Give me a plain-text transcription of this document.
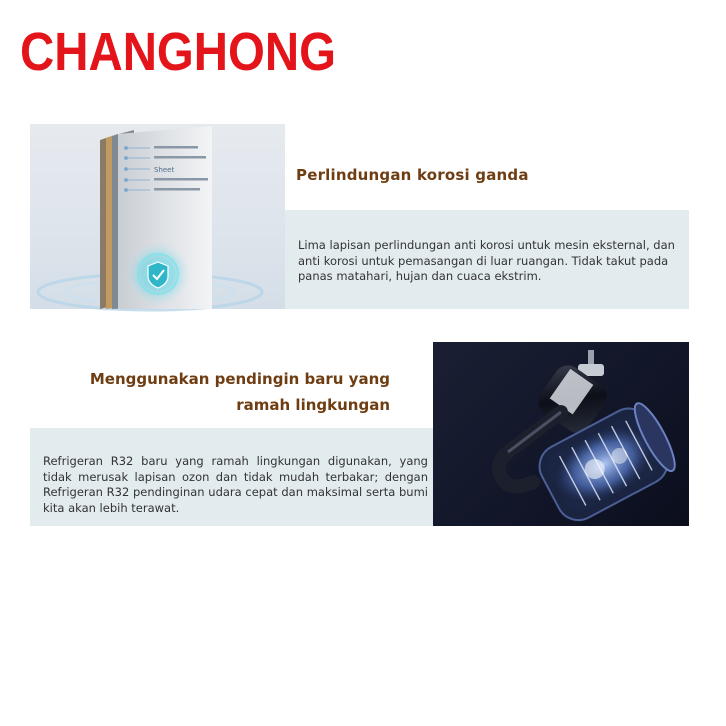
CHANGHONG
Sheet	Perlindungan korosi ganda
Lima lapisan perlindungan anti korosi untuk mesin eksternal, dan anti korosi untuk pemasangan di luar ruangan. Tidak takut pada panas matahari, hujan dan cuaca ekstrim.
Menggunakan pendingin baru yang
ramah lingkungan
Refrigeran R32 baru yang ramah lingkungan digunakan, yang tidak merusak lapisan ozon dan tidak mudah terbakar; dengan Refrigeran R32 pendinginan udara cepat dan maksimal serta bumi kita akan lebih terawat.
